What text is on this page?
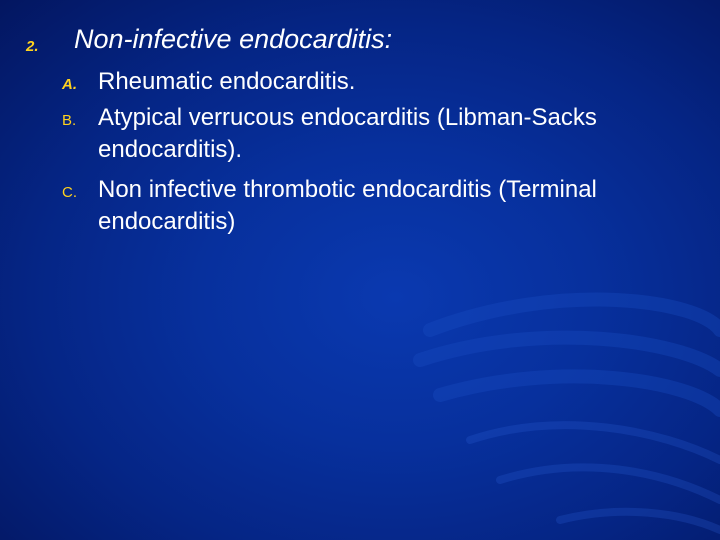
2. Non-infective endocarditis:
A. Rheumatic endocarditis.
B. Atypical verrucous endocarditis (Libman-Sacks endocarditis).
C. Non infective thrombotic endocarditis (Terminal endocarditis)
